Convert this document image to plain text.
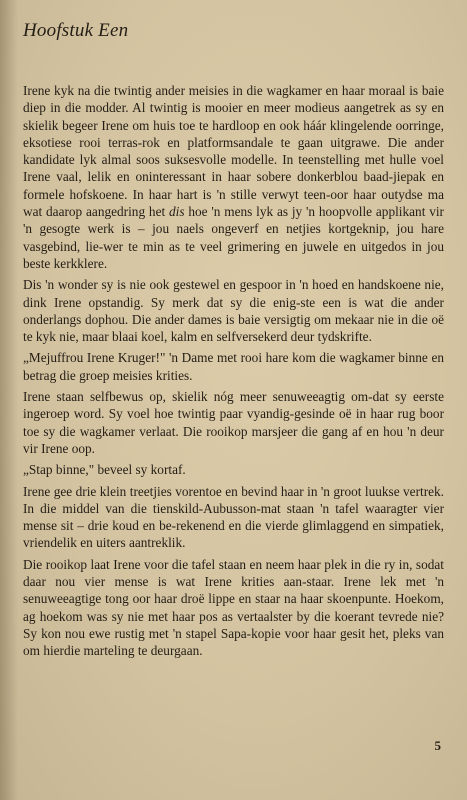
Hoofstuk Een

Irene kyk na die twintig ander meisies in die wagkamer en haar moraal is baie diep in die modder. Al twintig is mooier en meer modieus aangetrek as sy en skielik begeer Irene om huis toe te hardloop en ook háár klingelende oorringe, eksotiese rooi terras-rok en platformsandale te gaan uitgrawe. Die ander kandidate lyk almal soos suksesvolle modelle. In teenstelling met hulle voel Irene vaal, lelik en oninteressant in haar sobere donkerblou baad-jiepak en formele hofskoene. In haar hart is 'n stille verwyt teen-oor haar outydse ma wat daarop aangedring het dis hoe 'n mens lyk as jy 'n hoopvolle applikant vir 'n gesogte werk is – jou naels ongeverf en netjies kortgeknip, jou hare vasgebind, lie-wer te min as te veel grimering en juwele en uitgedos in jou beste kerkklere.

Dis 'n wonder sy is nie ook gestewel en gespoor in 'n hoed en handskoene nie, dink Irene opstandig. Sy merk dat sy die enig-ste een is wat die ander onderlangs dophou. Die ander dames is baie versigtig om mekaar nie in die oë te kyk nie, maar blaai koel, kalm en selfversekerd deur tydskrifte.

„Mejuffrou Irene Kruger!" 'n Dame met rooi hare kom die wagkamer binne en betrag die groep meisies krities.

Irene staan selfbewus op, skielik nóg meer senuweeagtig om-dat sy eerste ingeroep word. Sy voel hoe twintig paar vyandig-gesinde oë in haar rug boor toe sy die wagkamer verlaat. Die rooikop marsjeer die gang af en hou 'n deur vir Irene oop.

„Stap binne," beveel sy kortaf.

Irene gee drie klein treetjies vorentoe en bevind haar in 'n groot luukse vertrek. In die middel van die tienskild-Aubusson-mat staan 'n tafel waaragter vier mense sit – drie koud en be-rekenend en die vierde glimlaggend en simpatiek, vriendelik en uiters aantreklik.

Die rooikop laat Irene voor die tafel staan en neem haar plek in die ry in, sodat daar nou vier mense is wat Irene krities aan-staar. Irene lek met 'n senuweeagtige tong oor haar droë lippe en staar na haar skoenpunte. Hoekom, ag hoekom was sy nie met haar pos as vertaalster by die koerant tevrede nie? Sy kon nou ewe rustig met 'n stapel Sapa-kopie voor haar gesit het, pleks van om hierdie marteling te deurgaan.

5
